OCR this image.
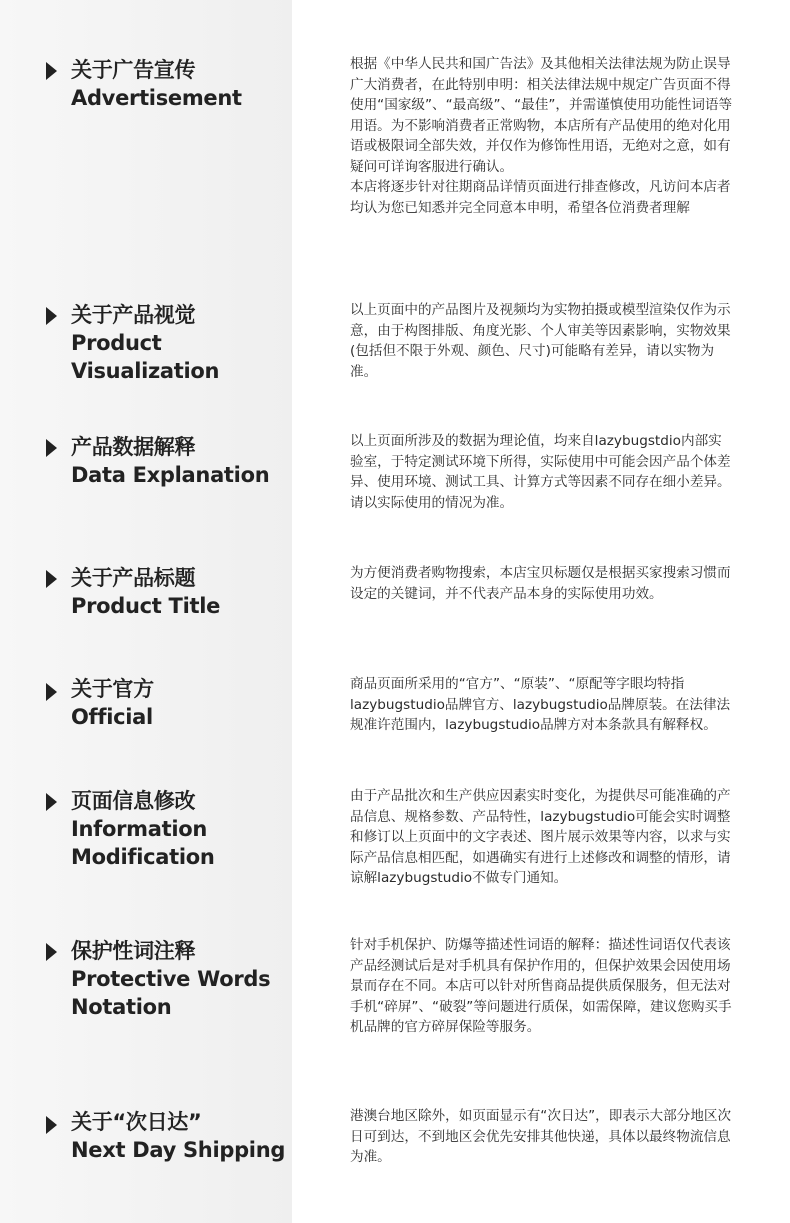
关于广告宣传
Advertisement

根据《中华人民共和国广告法》及其他相关法律法规为防止误导广大消费者，在此特别申明：相关法律法规中规定广告页面不得使用“国家级”、“最高级”、“最佳”，并需谨慎使用功能性词语等用语。为不影响消费者正常购物，本店所有产品使用的绝对化用语或极限词全部失效，并仅作为修饰性用语，无绝对之意，如有疑问可详询客服进行确认。

本店将逐步针对往期商品详情页面进行排查修改，凡访问本店者均认为您已知悉并完全同意本申明，希望各位消费者理解

关于产品视觉
Product Visualization

以上页面中的产品图片及视频均为实物拍摄或模型渲染仅作为示意，由于构图排版、角度光影、个人审美等因素影响，实物效果(包括但不限于外观、颜色、尺寸)可能略有差异，请以实物为准。

产品数据解释
Data Explanation

以上页面所涉及的数据为理论值，均来自lazybugstdio内部实验室，于特定测试环境下所得，实际使用中可能会因产品个体差异、使用环境、测试工具、计算方式等因素不同存在细小差异。请以实际使用的情况为准。

关于产品标题
Product Title

为方便消费者购物搜索，本店宝贝标题仅是根据买家搜索习惯而设定的关键词，并不代表产品本身的实际使用功效。

关于官方
Official

商品页面所采用的“官方”、“原装”、“原配等字眼均特指lazybugstudio品牌官方、lazybugstudio品牌原装。在法律法规准许范围内，lazybugstudio品牌方对本条款具有解释权。

页面信息修改
Information Modification

由于产品批次和生产供应因素实时变化，为提供尽可能准确的产品信息、规格参数、产品特性，lazybugstudio可能会实时调整和修订以上页面中的文字表述、图片展示效果等内容，以求与实际产品信息相匹配，如遇确实有进行上述修改和调整的情形，请谅解lazybugstudio不做专门通知。

保护性词注释
Protective Words Notation

针对手机保护、防爆等描述性词语的解释：描述性词语仅代表该产品经测试后是对手机具有保护作用的，但保护效果会因使用场景而存在不同。本店可以针对所售商品提供质保服务，但无法对手机“碎屏”、“破裂”等问题进行质保，如需保障，建议您购买手机品牌的官方碎屏保险等服务。

关于“次日达”
Next Day Shipping

港澳台地区除外，如页面显示有“次日达”，即表示大部分地区次日可到达，不到地区会优先安排其他快递，具体以最终物流信息为准。
